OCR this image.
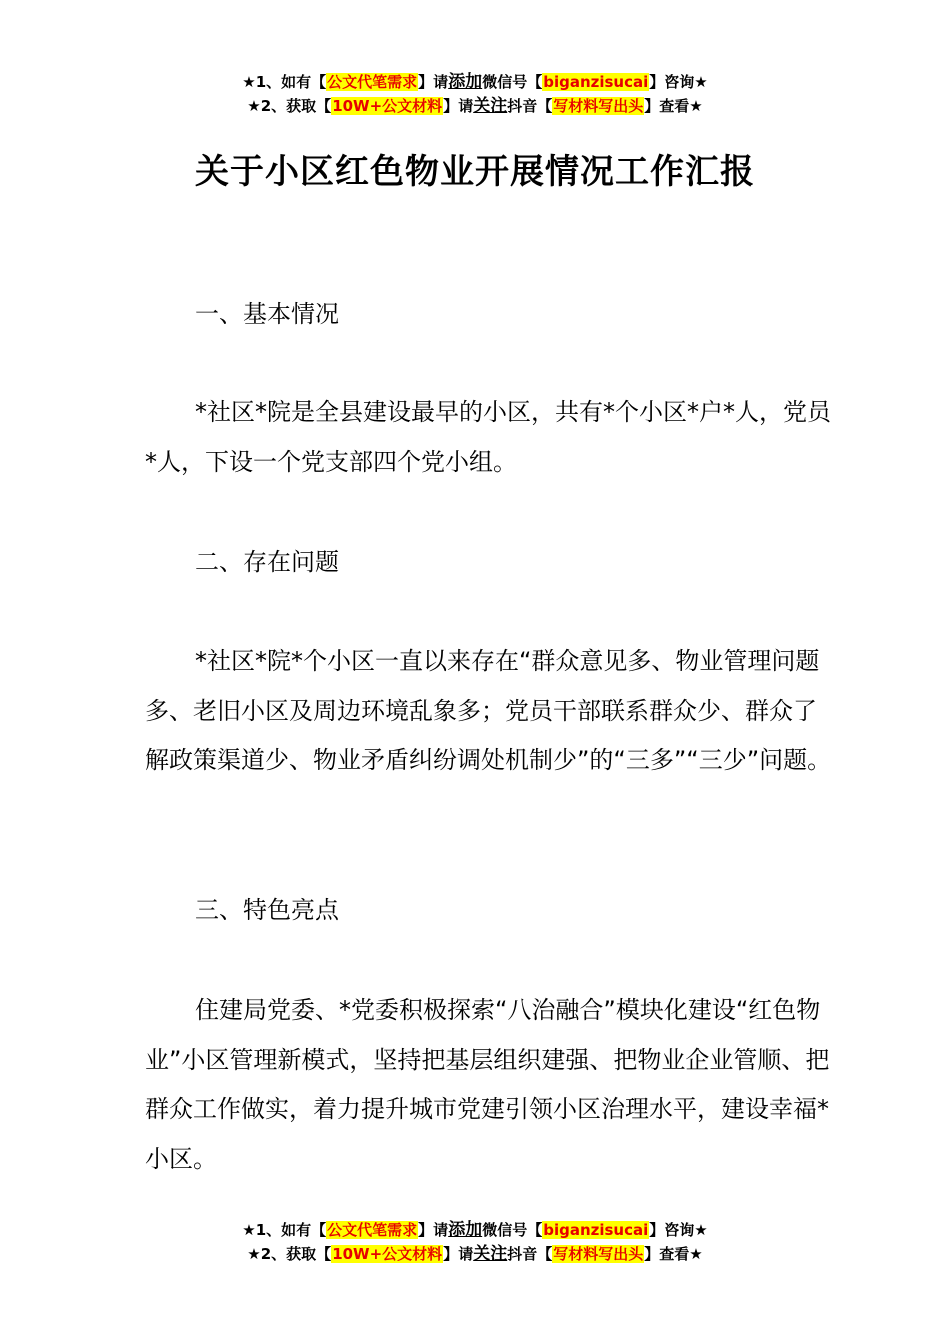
★1、如有【公文代笔需求】请添加微信号【biganzisucai】咨询★
★2、获取【10W+公文材料】请关注抖音【写材料写出头】查看★
关于小区红色物业开展情况工作汇报
一、基本情况

*社区*院是全县建设最早的小区，共有*个小区*户*人，党员*人，下设一个党支部四个党小组。

二、存在问题

*社区*院*个小区一直以来存在“群众意见多、物业管理问题多、老旧小区及周边环境乱象多；党员干部联系群众少、群众了解政策渠道少、物业矛盾纠纷调处机制少”的“三多”“三少”问题。

三、特色亮点

住建局党委、*党委积极探索“八治融合”模块化建设“红色物业”小区管理新模式，坚持把基层组织建强、把物业企业管顺、把群众工作做实，着力提升城市党建引领小区治理水平，建设幸福*小区。

★1、如有【公文代笔需求】请添加微信号【biganzisucai】咨询★
★2、获取【10W+公文材料】请关注抖音【写材料写出头】查看★
